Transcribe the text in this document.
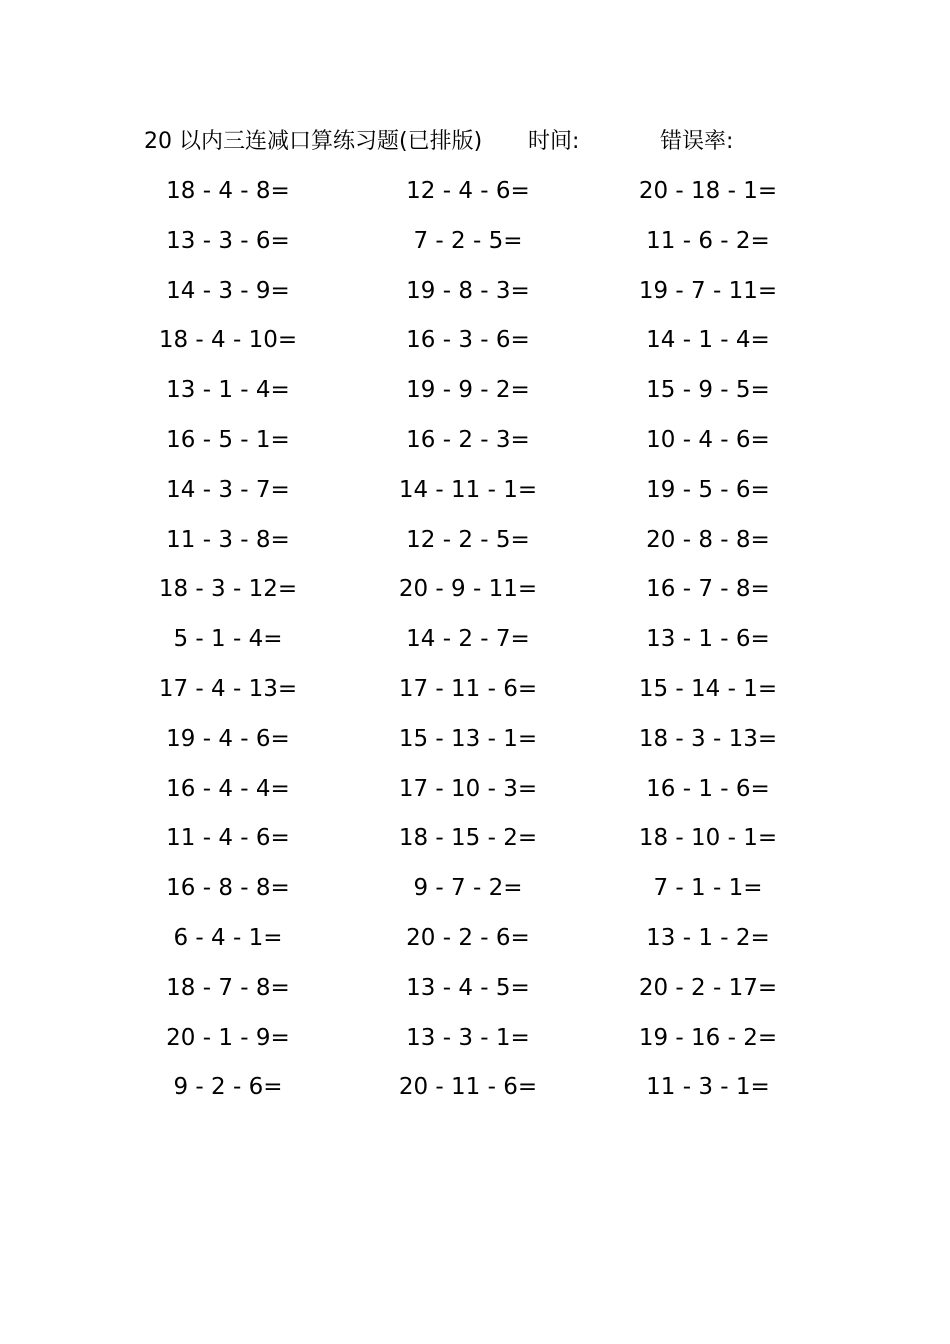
20 以内三连减口算练习题(已排版) 时间:	错误率:
18 - 4 - 8=	12 - 4 - 6=	20 - 18 - 1=
13 - 3 - 6=	7 - 2 - 5=	11 - 6 - 2=
14 - 3 - 9=	19 - 8 - 3=	19 - 7 - 11=
18 - 4 - 10=	16 - 3 - 6=	14 - 1 - 4=
13 - 1 - 4=	19 - 9 - 2=	15 - 9 - 5=
16 - 5 - 1=	16 - 2 - 3=	10 - 4 - 6=
14 - 3 - 7=	14 - 11 - 1=	19 - 5 - 6=
11 - 3 - 8=	12 - 2 - 5=	20 - 8 - 8=
18 - 3 - 12=	20 - 9 - 11=	16 - 7 - 8=
5 - 1 - 4=	14 - 2 - 7=	13 - 1 - 6=
17 - 4 - 13=	17 - 11 - 6=	15 - 14 - 1=
19 - 4 - 6=	15 - 13 - 1=	18 - 3 - 13=
16 - 4 - 4=	17 - 10 - 3=	16 - 1 - 6=
11 - 4 - 6=	18 - 15 - 2=	18 - 10 - 1=
16 - 8 - 8=	9 - 7 - 2=	7 - 1 - 1=
6 - 4 - 1=	20 - 2 - 6=	13 - 1 - 2=
18 - 7 - 8=	13 - 4 - 5=	20 - 2 - 17=
20 - 1 - 9=	13 - 3 - 1=	19 - 16 - 2=
9 - 2 - 6=	20 - 11 - 6=	11 - 3 - 1=
